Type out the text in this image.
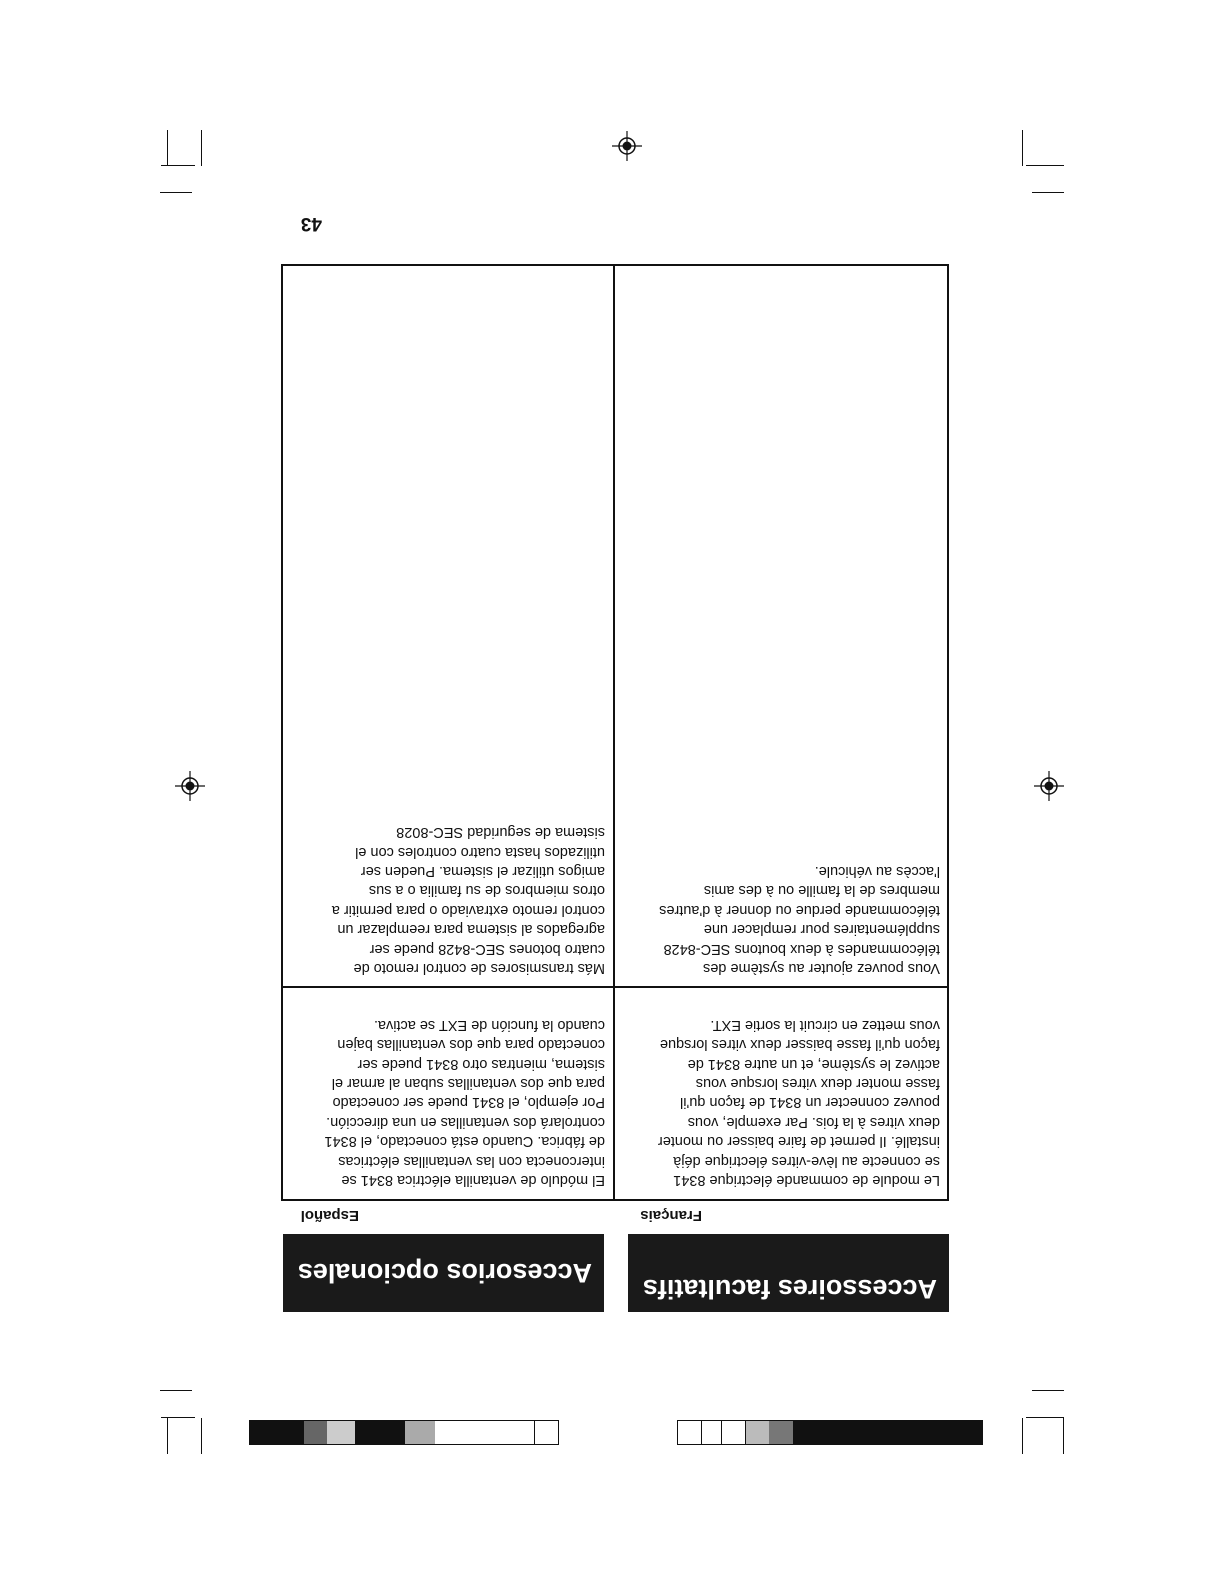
Accessoires facultatifs
Accesorios opcionales
Français
Español
Le module de commande électrique 8341
se connecte au lève-vitres électrique déjà
installé. Il permet de faire baisser ou monter
deux vitres à la fois. Par exemple, vous
pouvez connecter un 8341 de façon qu'il
fasse monter deux vitres lorsque vous
activez le système, et un autre 8341 de
façon qu'il fasse baisser deux vitres lorsque
vous mettez en circuit la sortie EXT.
Vous pouvez ajouter au système des
télécommandes à deux boutons SEC-8428
supplémentaires pour remplacer une
télécommande perdue ou donner à d'autres
membres de la famille ou à des amis
l'accès au véhicule.
El módulo de ventanilla eléctrica 8341 se
interconecta con las ventanillas eléctricas
de fábrica. Cuando está conectado, el 8341
controlará dos ventanillas en una dirección.
Por ejemplo, el 8341 puede ser conectado
para que dos ventanillas suban al armar el
sistema, mientras otro 8341 puede ser
conectado para que dos ventanillas bajen
cuando la función de EXT se activa.
Más transmisores de control remoto de
cuatro botones SEC-8428 puede ser
agregados al sistema para reemplazar un
control remoto extraviado o para permitir a
otros miembros de su familia o a sus
amigos utilizar el sistema. Pueden ser
utilizados hasta cuatro controles con el
sistema de seguridad SEC-8028
43
